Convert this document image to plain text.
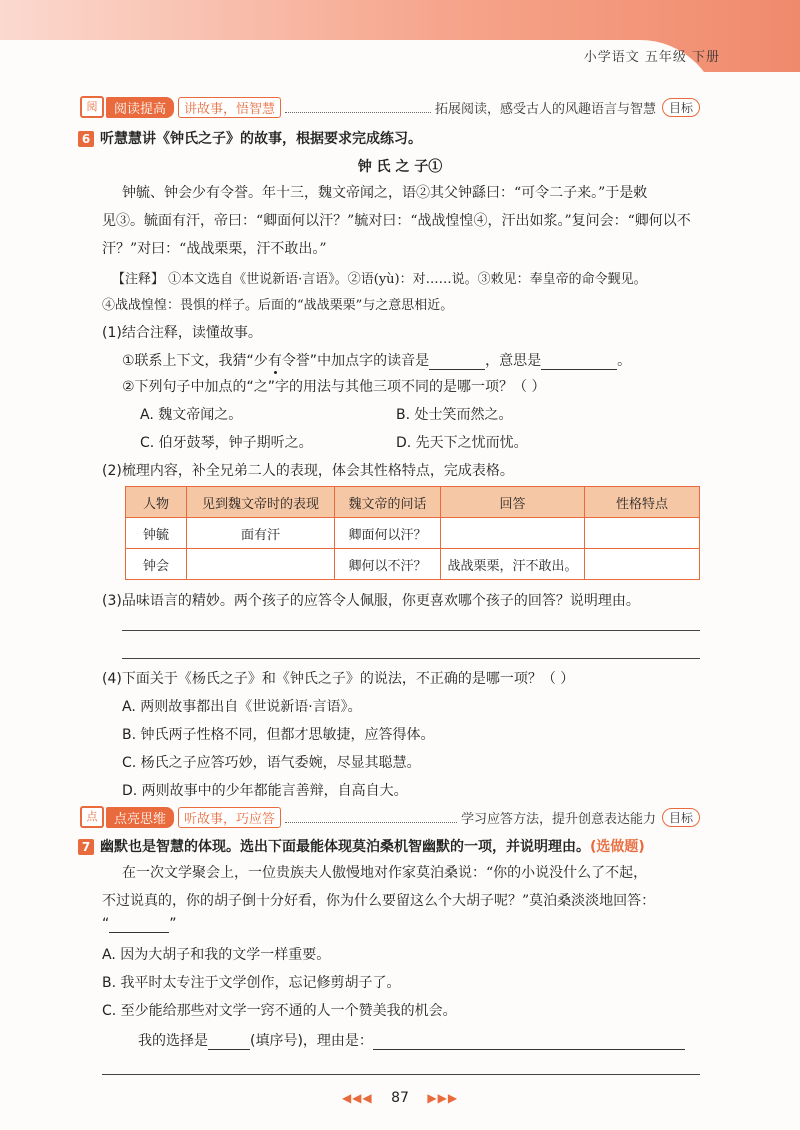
小学语文 五年级 下册
阅	阅读提高	讲故事，悟智慧	拓展阅读，感受古人的风趣语言与智慧	目标
6 听慧慧讲《钟氏之子》的故事，根据要求完成练习。
钟 氏 之 子①
钟毓、钟会少有令誉。年十三，魏文帝闻之，语②其父钟繇曰：“可令二子来。”于是敕
见③。毓面有汗，帝曰：“卿面何以汗？”毓对曰：“战战惶惶④，汗出如浆。”复问会：“卿何以不
汗？”对曰：“战战栗栗，汗不敢出。”
【注释】 ①本文选自《世说新语·言语》。②语(yù)：对……说。③敕见：奉皇帝的命令觐见。
④战战惶惶：畏惧的样子。后面的“战战栗栗”与之意思相近。
(1)结合注释，读懂故事。
①联系上下文，我猜“少有令誉”中加点字的读音是	，意思是	。
②下列句子中加点的“之”字的用法与其他三项不同的是哪一项？（ ）
A. 魏文帝闻之。	B. 处士笑而然之。
C. 伯牙鼓琴，钟子期听之。	D. 先天下之忧而忧。
(2)梳理内容，补全兄弟二人的表现，体会其性格特点，完成表格。
人物	见到魏文帝时的表现	魏文帝的问话	回答	性格特点
钟毓	面有汗	卿面何以汗？		
钟会		卿何以不汗？	战战栗栗，汗不敢出。	
(3)品味语言的精妙。两个孩子的应答令人佩服，你更喜欢哪个孩子的回答？说明理由。
(4)下面关于《杨氏之子》和《钟氏之子》的说法，不正确的是哪一项？（ ）
A. 两则故事都出自《世说新语·言语》。
B. 钟氏两子性格不同，但都才思敏捷，应答得体。
C. 杨氏之子应答巧妙，语气委婉，尽显其聪慧。
D. 两则故事中的少年都能言善辩，自高自大。
点	点亮思维	听故事，巧应答	学习应答方法，提升创意表达能力	目标
7 幽默也是智慧的体现。选出下面最能体现莫泊桑机智幽默的一项，并说明理由。(选做题)
在一次文学聚会上，一位贵族夫人傲慢地对作家莫泊桑说：“你的小说没什么了不起，
不过说真的，你的胡子倒十分好看，你为什么要留这么个大胡子呢？”莫泊桑淡淡地回答：
“	”
A. 因为大胡子和我的文学一样重要。
B. 我平时太专注于文学创作，忘记修剪胡子了。
C. 至少能给那些对文学一窍不通的人一个赞美我的机会。
我的选择是	(填序号)，理由是：
◀◀◀ 87 ▶▶▶
